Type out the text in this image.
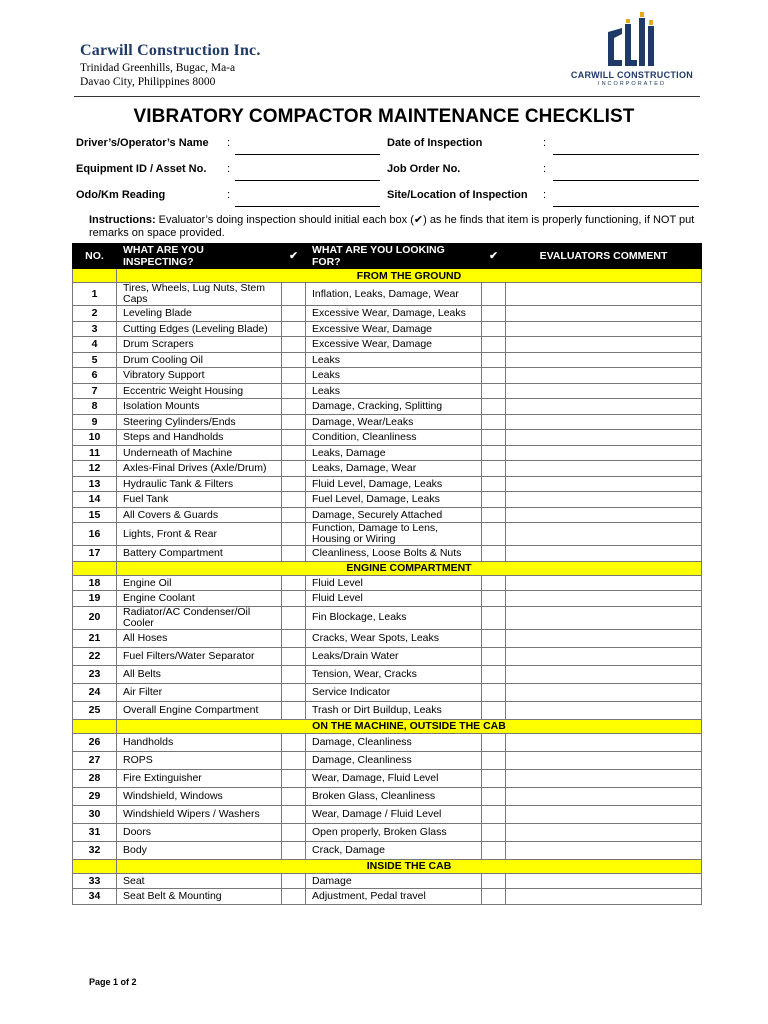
Carwill Construction Inc.
Trinidad Greenhills, Bugac, Ma-a
Davao City, Philippines 8000
CARWILL CONSTRUCTION
INCORPORATED
VIBRATORY COMPACTOR MAINTENANCE CHECKLIST
Driver’s/Operator’s Name :	Date of Inspection	:
Equipment ID / Asset No. :	Job Order No.	:
Odo/Km Reading	:	Site/Location of Inspection :
Instructions: Evaluator’s doing inspection should initial each box (✔) as he finds that item is properly functioning, if NOT put remarks on space provided.
NO.	WHAT ARE YOU INSPECTING?	✔	WHAT ARE YOU LOOKING FOR?	✔	EVALUATORS COMMENT
	FROM THE GROUND				
1	Tires, Wheels, Lug Nuts, Stem Caps		Inflation, Leaks, Damage, Wear		
2	Leveling Blade		Excessive Wear, Damage, Leaks		
3	Cutting Edges (Leveling Blade)		Excessive Wear, Damage		
4	Drum Scrapers		Excessive Wear, Damage		
5	Drum Cooling Oil		Leaks		
6	Vibratory Support		Leaks		
7	Eccentric Weight Housing		Leaks		
8	Isolation Mounts		Damage, Cracking, Splitting		
9	Steering Cylinders/Ends		Damage, Wear/Leaks		
10	Steps and Handholds		Condition, Cleanliness		
11	Underneath of Machine		Leaks, Damage		
12	Axles-Final Drives (Axle/Drum)		Leaks, Damage, Wear		
13	Hydraulic Tank & Filters		Fluid Level, Damage, Leaks		
14	Fuel Tank		Fuel Level, Damage, Leaks		
15	All Covers & Guards		Damage, Securely Attached		
16	Lights, Front & Rear		Function, Damage to Lens, Housing or Wiring		
17	Battery Compartment		Cleanliness, Loose Bolts & Nuts		
	ENGINE COMPARTMENT				
18	Engine Oil		Fluid Level		
19	Engine Coolant		Fluid Level		
20	Radiator/AC Condenser/Oil Cooler		Fin Blockage, Leaks		
21	All Hoses		Cracks, Wear Spots, Leaks		
22	Fuel Filters/Water Separator		Leaks/Drain Water		
23	All Belts		Tension, Wear, Cracks		
24	Air Filter		Service Indicator		
25	Overall Engine Compartment		Trash or Dirt Buildup, Leaks		
	ON THE MACHINE, OUTSIDE THE CAB				
26	Handholds		Damage, Cleanliness		
27	ROPS		Damage, Cleanliness		
28	Fire Extinguisher		Wear, Damage, Fluid Level		
29	Windshield, Windows		Broken Glass, Cleanliness		
30	Windshield Wipers / Washers		Wear, Damage / Fluid Level		
31	Doors		Open properly, Broken Glass		
32	Body		Crack, Damage		
	INSIDE THE CAB				
33	Seat		Damage		
34	Seat Belt & Mounting		Adjustment, Pedal travel		
Page 1 of 2
